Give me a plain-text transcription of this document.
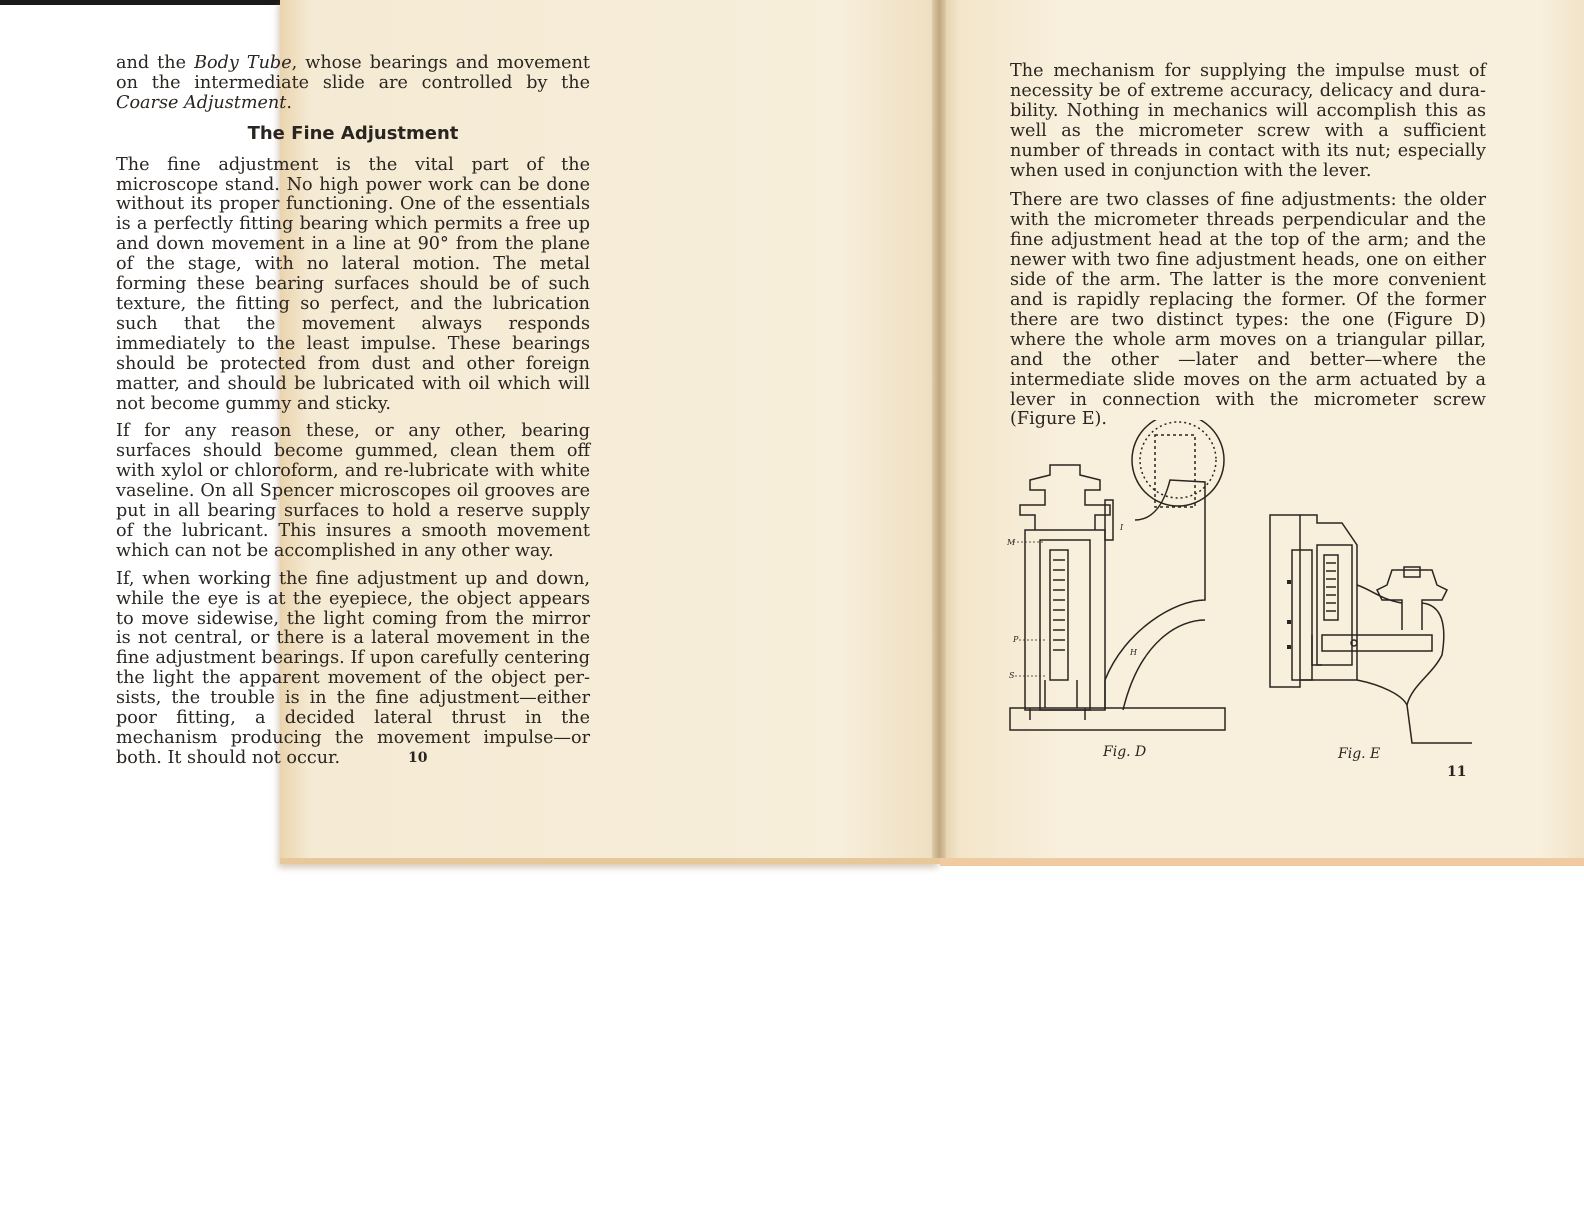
and the Body Tube, whose bearings and movement on the intermediate slide are controlled by the Coarse Adjustment.

The Fine Adjustment

The fine adjustment is the vital part of the microscope stand. No high power work can be done without its proper functioning. One of the essentials is a perfectly fitting bearing which permits a free up and down movement in a line at 90° from the plane of the stage, with no lateral motion. The metal forming these bearing surfaces should be of such texture, the fitting so perfect, and the lubrication such that the movement always responds immediately to the least impulse. These bearings should be protected from dust and other foreign matter, and should be lubricated with oil which will not become gummy and sticky.

If for any reason these, or any other, bearing surfaces should become gummed, clean them off with xylol or chloroform, and re-lubricate with white vaseline. On all Spencer microscopes oil grooves are put in all bearing surfaces to hold a reserve supply of the lubricant. This insures a smooth movement which can not be accomplished in any other way.

If, when working the fine adjustment up and down, while the eye is at the eyepiece, the object appears to move sidewise, the light coming from the mirror is not central, or there is a lateral movement in the fine adjustment bearings. If upon carefully centering the light the apparent movement of the object persists, the trouble is in the fine adjustment—either poor fitting, a decided lateral thrust in the mechanism producing the movement impulse—or both. It should not occur.	10

The mechanism for supplying the impulse must of necessity be of extreme accuracy, delicacy and durability. Nothing in mechanics will accomplish this as well as the micrometer screw with a sufficient number of threads in contact with its nut; especially when used in conjunction with the lever.

There are two classes of fine adjustments: the older with the micrometer threads perpendicular and the fine adjustment head at the top of the arm; and the newer with two fine adjustment heads, one on either side of the arm. The latter is the more convenient and is rapidly replacing the former. Of the former there are two distinct types: the one (Figure D) where the whole arm moves on a triangular pillar, and the other —later and better—where the intermediate slide moves on the arm actuated by a lever in connection with the micrometer screw (Figure E).

M
P
S
I
H
Fig. D	Fig. E
11
